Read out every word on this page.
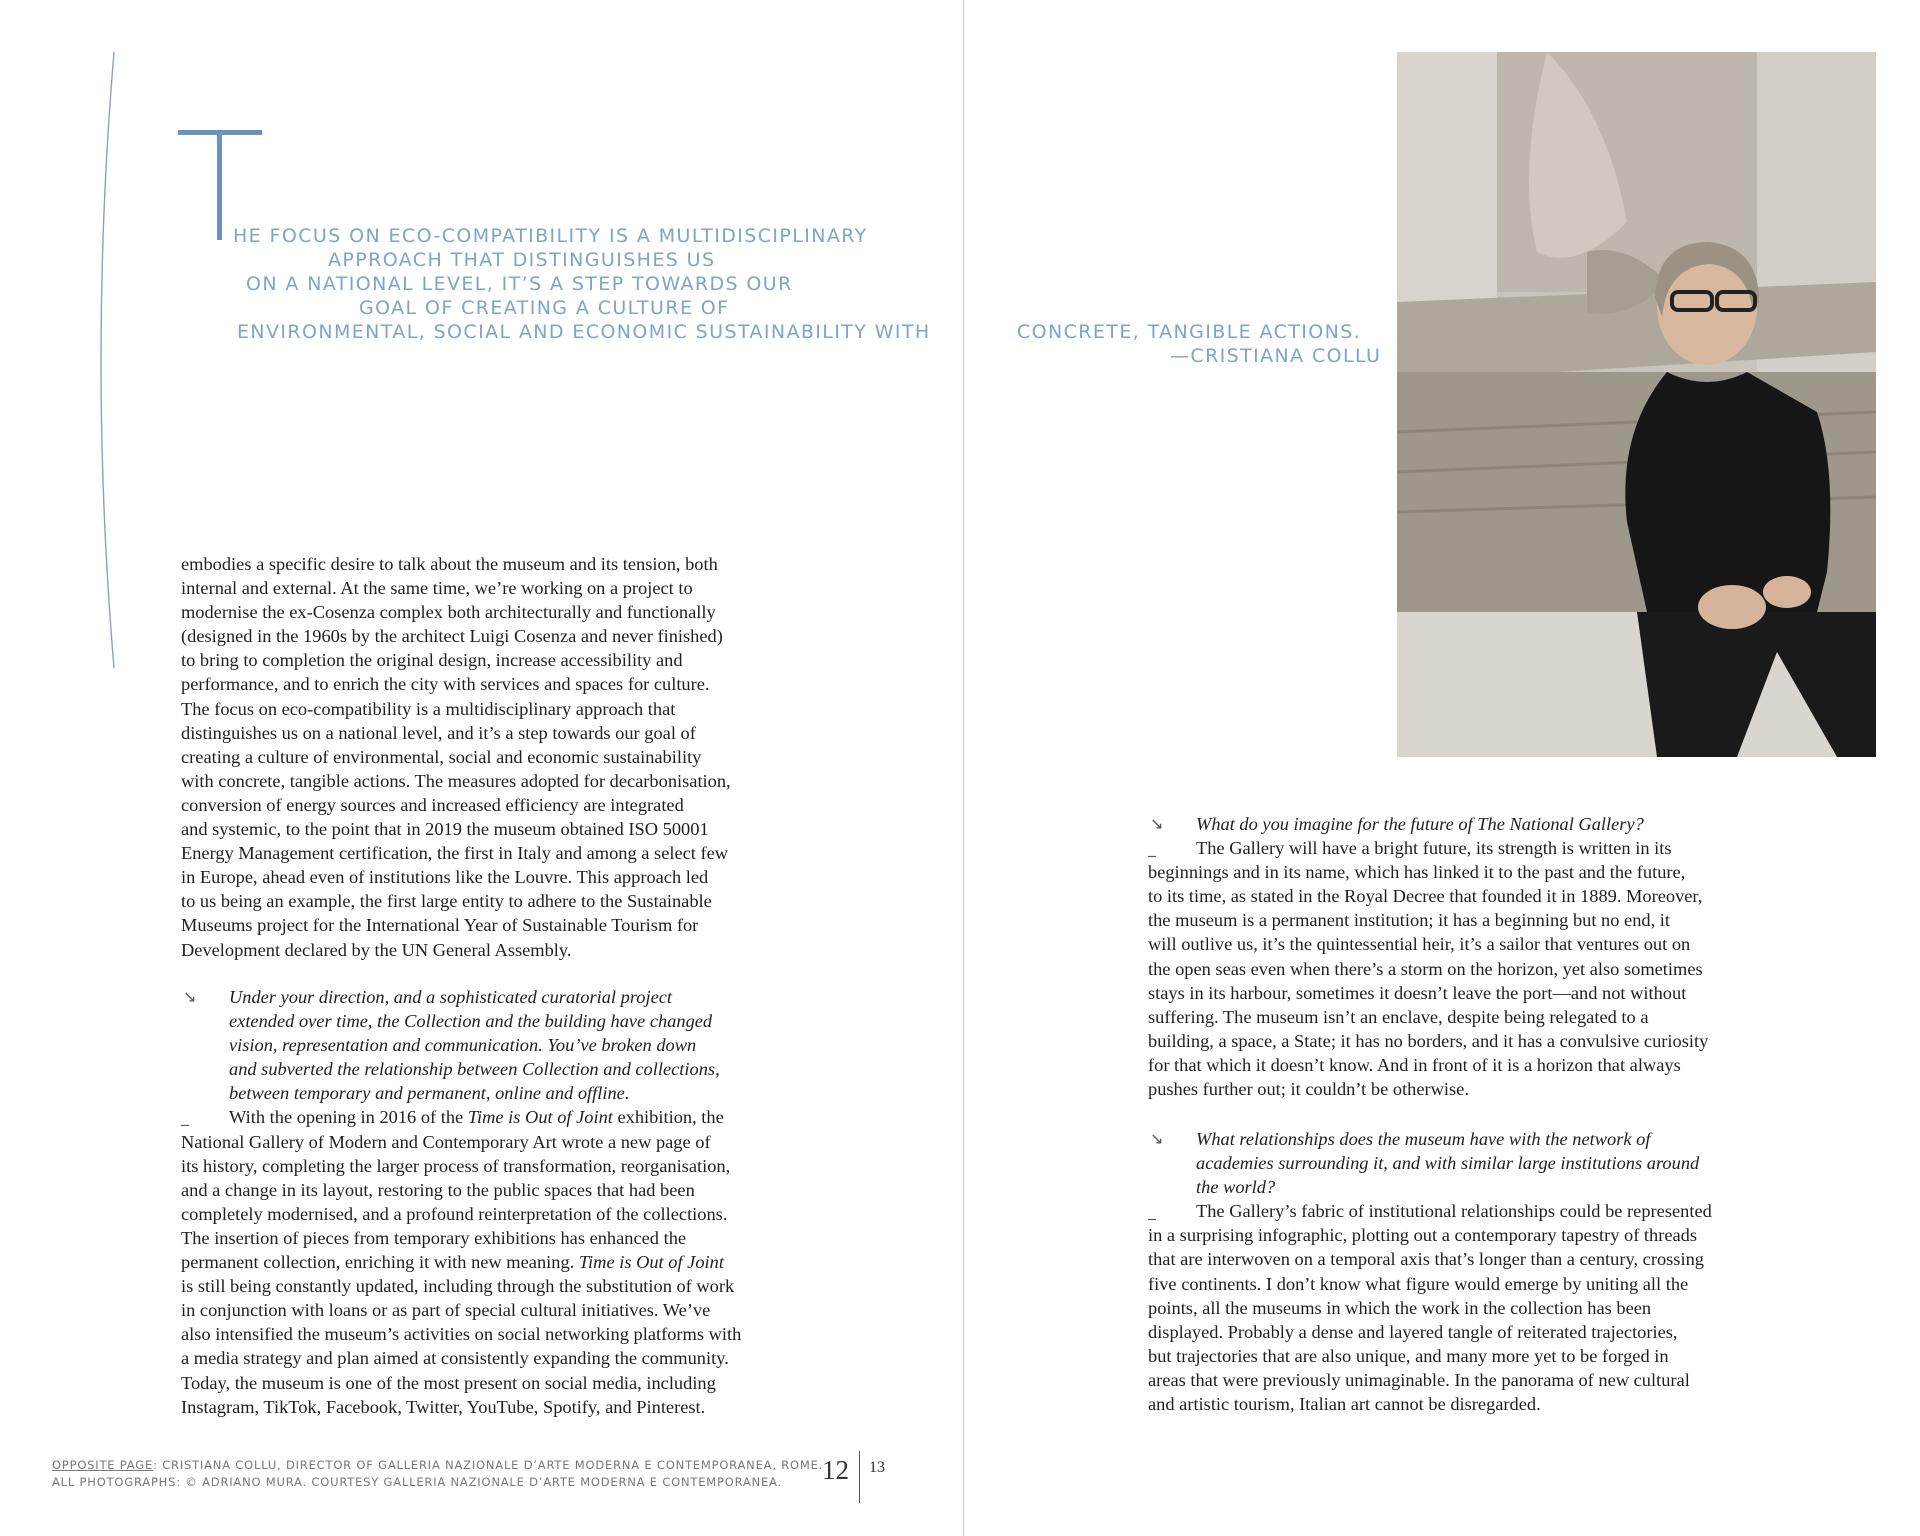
HE FOCUS ON ECO-COMPATIBILITY IS A MULTIDISCIPLINARY
APPROACH THAT DISTINGUISHES US
ON A NATIONAL LEVEL, IT’S A STEP TOWARDS OUR
GOAL OF CREATING A CULTURE OF
ENVIRONMENTAL, SOCIAL AND ECONOMIC SUSTAINABILITY WITH	CONCRETE, TANGIBLE ACTIONS.
—CRISTIANA COLLU

embodies a specific desire to talk about the museum and its tension, both

internal and external. At the same time, we’re working on a project to

modernise the ex-Cosenza complex both architecturally and functionally

(designed in the 1960s by the architect Luigi Cosenza and never finished)

to bring to completion the original design, increase accessibility and

performance, and to enrich the city with services and spaces for culture.

The focus on eco-compatibility is a multidisciplinary approach that

distinguishes us on a national level, and it’s a step towards our goal of

creating a culture of environmental, social and economic sustainability

with concrete, tangible actions. The measures adopted for decarbonisation,

conversion of energy sources and increased efficiency are integrated

and systemic, to the point that in 2019 the museum obtained ISO 50001

Energy Management certification, the first in Italy and among a select few

in Europe, ahead even of institutions like the Louvre. This approach led

to us being an example, the first large entity to adhere to the Sustainable

Museums project for the International Year of Sustainable Tourism for

Development declared by the UN General Assembly.

↘ Under your direction, and a sophisticated curatorial project
extended over time, the Collection and the building have changed
vision, representation and communication. You’ve broken down
and subverted the relationship between Collection and collections,
between temporary and permanent, online and offline.
_	With the opening in 2016 of the Time is Out of Joint exhibition, the
National Gallery of Modern and Contemporary Art wrote a new page of
its history, completing the larger process of transformation, reorganisation,
and a change in its layout, restoring to the public spaces that had been
completely modernised, and a profound reinterpretation of the collections.
The insertion of pieces from temporary exhibitions has enhanced the
permanent collection, enriching it with new meaning. Time is Out of Joint
is still being constantly updated, including through the substitution of work
in conjunction with loans or as part of special cultural initiatives. We’ve
also intensified the museum’s activities on social networking platforms with
a media strategy and plan aimed at consistently expanding the community.
Today, the museum is one of the most present on social media, including
Instagram, TikTok, Facebook, Twitter, YouTube, Spotify, and Pinterest.
↘ What do you imagine for the future of The National Gallery?
_	The Gallery will have a bright future, its strength is written in its
beginnings and in its name, which has linked it to the past and the future,
to its time, as stated in the Royal Decree that founded it in 1889. Moreover,
the museum is a permanent institution; it has a beginning but no end, it
will outlive us, it’s the quintessential heir, it’s a sailor that ventures out on
the open seas even when there’s a storm on the horizon, yet also sometimes
stays in its harbour, sometimes it doesn’t leave the port—and not without
suffering. The museum isn’t an enclave, despite being relegated to a
building, a space, a State; it has no borders, and it has a convulsive curiosity
for that which it doesn’t know. And in front of it is a horizon that always
pushes further out; it couldn’t be otherwise.
↘ What relationships does the museum have with the network of
academies surrounding it, and with similar large institutions around
the world?
_	The Gallery’s fabric of institutional relationships could be represented
in a surprising infographic, plotting out a contemporary tapestry of threads
that are interwoven on a temporal axis that’s longer than a century, crossing
five continents. I don’t know what figure would emerge by uniting all the
points, all the museums in which the work in the collection has been
displayed. Probably a dense and layered tangle of reiterated trajectories,
but trajectories that are also unique, and many more yet to be forged in
areas that were previously unimaginable. In the panorama of new cultural
and artistic tourism, Italian art cannot be disregarded.
OPPOSITE PAGE: CRISTIANA COLLU, DIRECTOR OF GALLERIA NAZIONALE D’ARTE MODERNA E CONTEMPORANEA, ROME.
ALL PHOTOGRAPHS: © ADRIANO MURA. COURTESY GALLERIA NAZIONALE D’ARTE MODERNA E CONTEMPORANEA.	12 13
